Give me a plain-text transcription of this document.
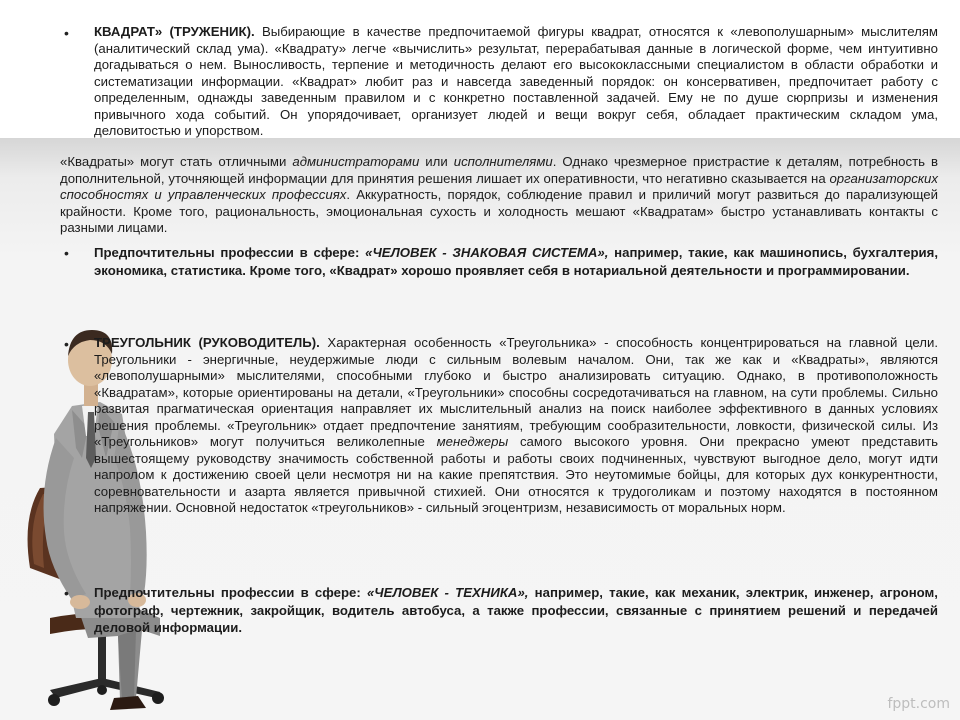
• КВАДРАТ» (ТРУЖЕНИК). Выбирающие в качестве предпочитаемой фигуры квадрат, относятся к «левополушарным» мыслителям (аналитический склад ума). «Квадрату» легче «вычислить» результат, перерабатывая данные в логической форме, чем интуитивно догадываться о нем. Выносливость, терпение и методичность делают его высококлассными специалистом в области обработки и систематизации информации. «Квадрат» любит раз и навсегда заведенный порядок: он консервативен, предпочитает работу с определенным, однажды заведенным правилом и с конкретно поставленной задачей. Ему не по душе сюрпризы и изменения привычного хода событий. Он упорядочивает, организует людей и вещи вокруг себя, обладает практическим складом ума, деловитостью и упорством.

«Квадраты» могут стать отличными администраторами или исполнителями. Однако чрезмерное пристрастие к деталям, потребность в дополнительной, уточняющей информации для принятия решения лишает их оперативности, что негативно сказывается на организаторских способностях и управленческих профессиях. Аккуратность, порядок, соблюдение правил и приличий могут развиться до парализующей крайности. Кроме того, рациональность, эмоциональная сухость и холодность мешают «Квадратам» быстро устанавливать контакты с разными лицами.

• Предпочтительны профессии в сфере: «ЧЕЛОВЕК - ЗНАКОВАЯ СИСТЕМА», например, такие, как машинопись, бухгалтерия, экономика, статистика. Кроме того, «Квадрат» хорошо проявляет себя в нотариальной деятельности и программировании.

• ТРЕУГОЛЬНИК (РУКОВОДИТЕЛЬ). Характерная особенность «Треугольника» - способность концентрироваться на главной цели. Треугольники - энергичные, неудержимые люди с сильным волевым началом. Они, так же как и «Квадраты», являются «левополушарными» мыслителями, способными глубоко и быстро анализировать ситуацию. Однако, в противоположность «Квадратам», которые ориентированы на детали, «Треугольники» способны сосредотачиваться на главном, на сути проблемы. Сильно развитая прагматическая ориентация направляет их мыслительный анализ на поиск наиболее эффективного в данных условиях решения проблемы. «Треугольник» отдает предпочтение занятиям, требующим сообразительности, ловкости, физической силы. Из «Треугольников» могут получиться великолепные менеджеры самого высокого уровня. Они прекрасно умеют представить вышестоящему руководству значимость собственной работы и работы своих подчиненных, чувствуют выгодное дело, могут идти напролом к достижению своей цели несмотря ни на какие препятствия. Это неутомимые бойцы, для которых дух конкурентности, соревновательности и азарта является привычной стихией. Они относятся к трудоголикам и поэтому находятся в постоянном напряжении. Основной недостаток «треугольников» - сильный эгоцентризм, независимость от моральных норм.

• Предпочтительны профессии в сфере: «ЧЕЛОВЕК - ТЕХНИКА», например, такие, как механик, электрик, инженер, агроном, фотограф, чертежник, закройщик, водитель автобуса, а также профессии, связанные с принятием решений и передачей деловой информации.

fppt.com
